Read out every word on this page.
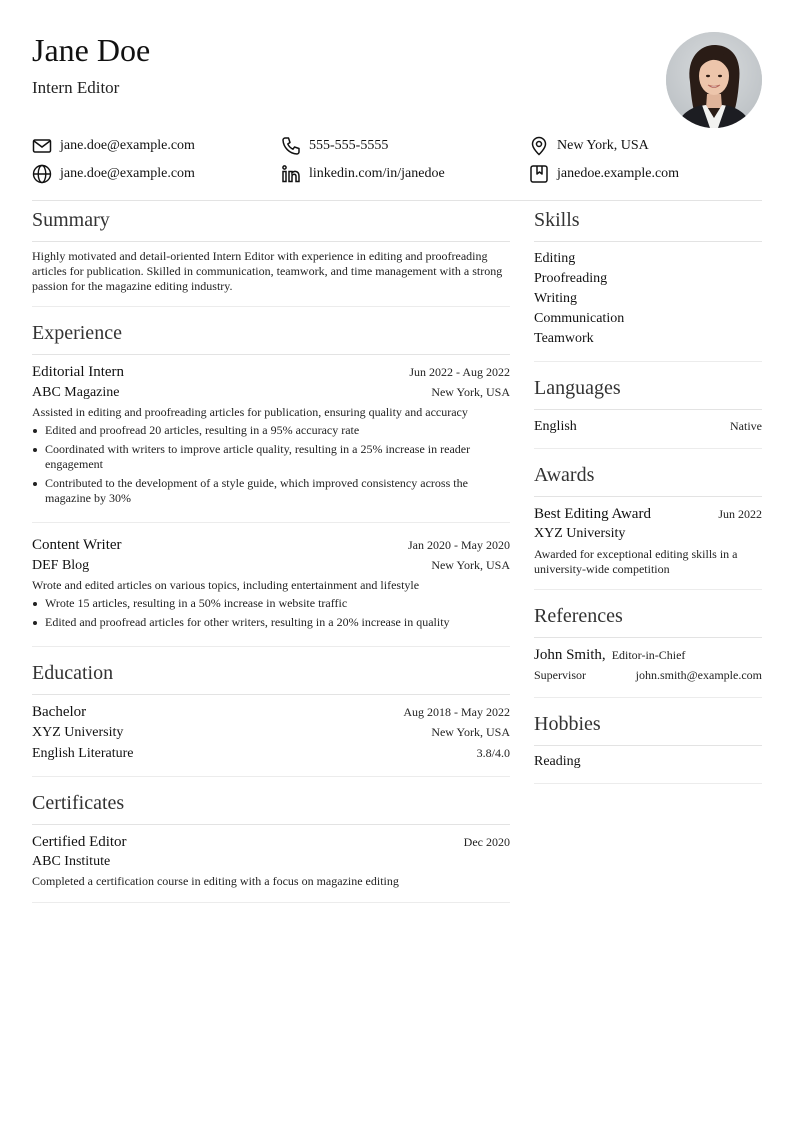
Jane Doe
Intern Editor
jane.doe@example.com	555-555-5555	New York, USA
jane.doe@example.com	linkedin.com/in/janedoe	janedoe.example.com
Summary

Highly motivated and detail-oriented Intern Editor with experience in editing and proofreading articles for publication. Skilled in communication, teamwork, and time management with a strong passion for the magazine editing industry.

Experience
Editorial Intern	Jun 2022 - Aug 2022
ABC Magazine	New York, USA
Assisted in editing and proofreading articles for publication, ensuring quality and accuracy
Edited and proofread 20 articles, resulting in a 95% accuracy rate
Coordinated with writers to improve article quality, resulting in a 25% increase in reader engagement
Contributed to the development of a style guide, which improved consistency across the magazine by 30%
Content Writer	Jan 2020 - May 2020
DEF Blog	New York, USA
Wrote and edited articles on various topics, including entertainment and lifestyle
Wrote 15 articles, resulting in a 50% increase in website traffic
Edited and proofread articles for other writers, resulting in a 20% increase in quality
Education
Bachelor	Aug 2018 - May 2022
XYZ University	New York, USA
English Literature	3.8/4.0
Certificates
Certified Editor	Dec 2020
ABC Institute
Completed a certification course in editing with a focus on magazine editing
Skills
Editing
Proofreading
Writing
Communication
Teamwork
Languages
English	Native
Awards
Best Editing Award	Jun 2022
XYZ University
Awarded for exceptional editing skills in a university-wide competition
References
John Smith, Editor-in-Chief
Supervisor	john.smith@example.com
Hobbies
Reading
